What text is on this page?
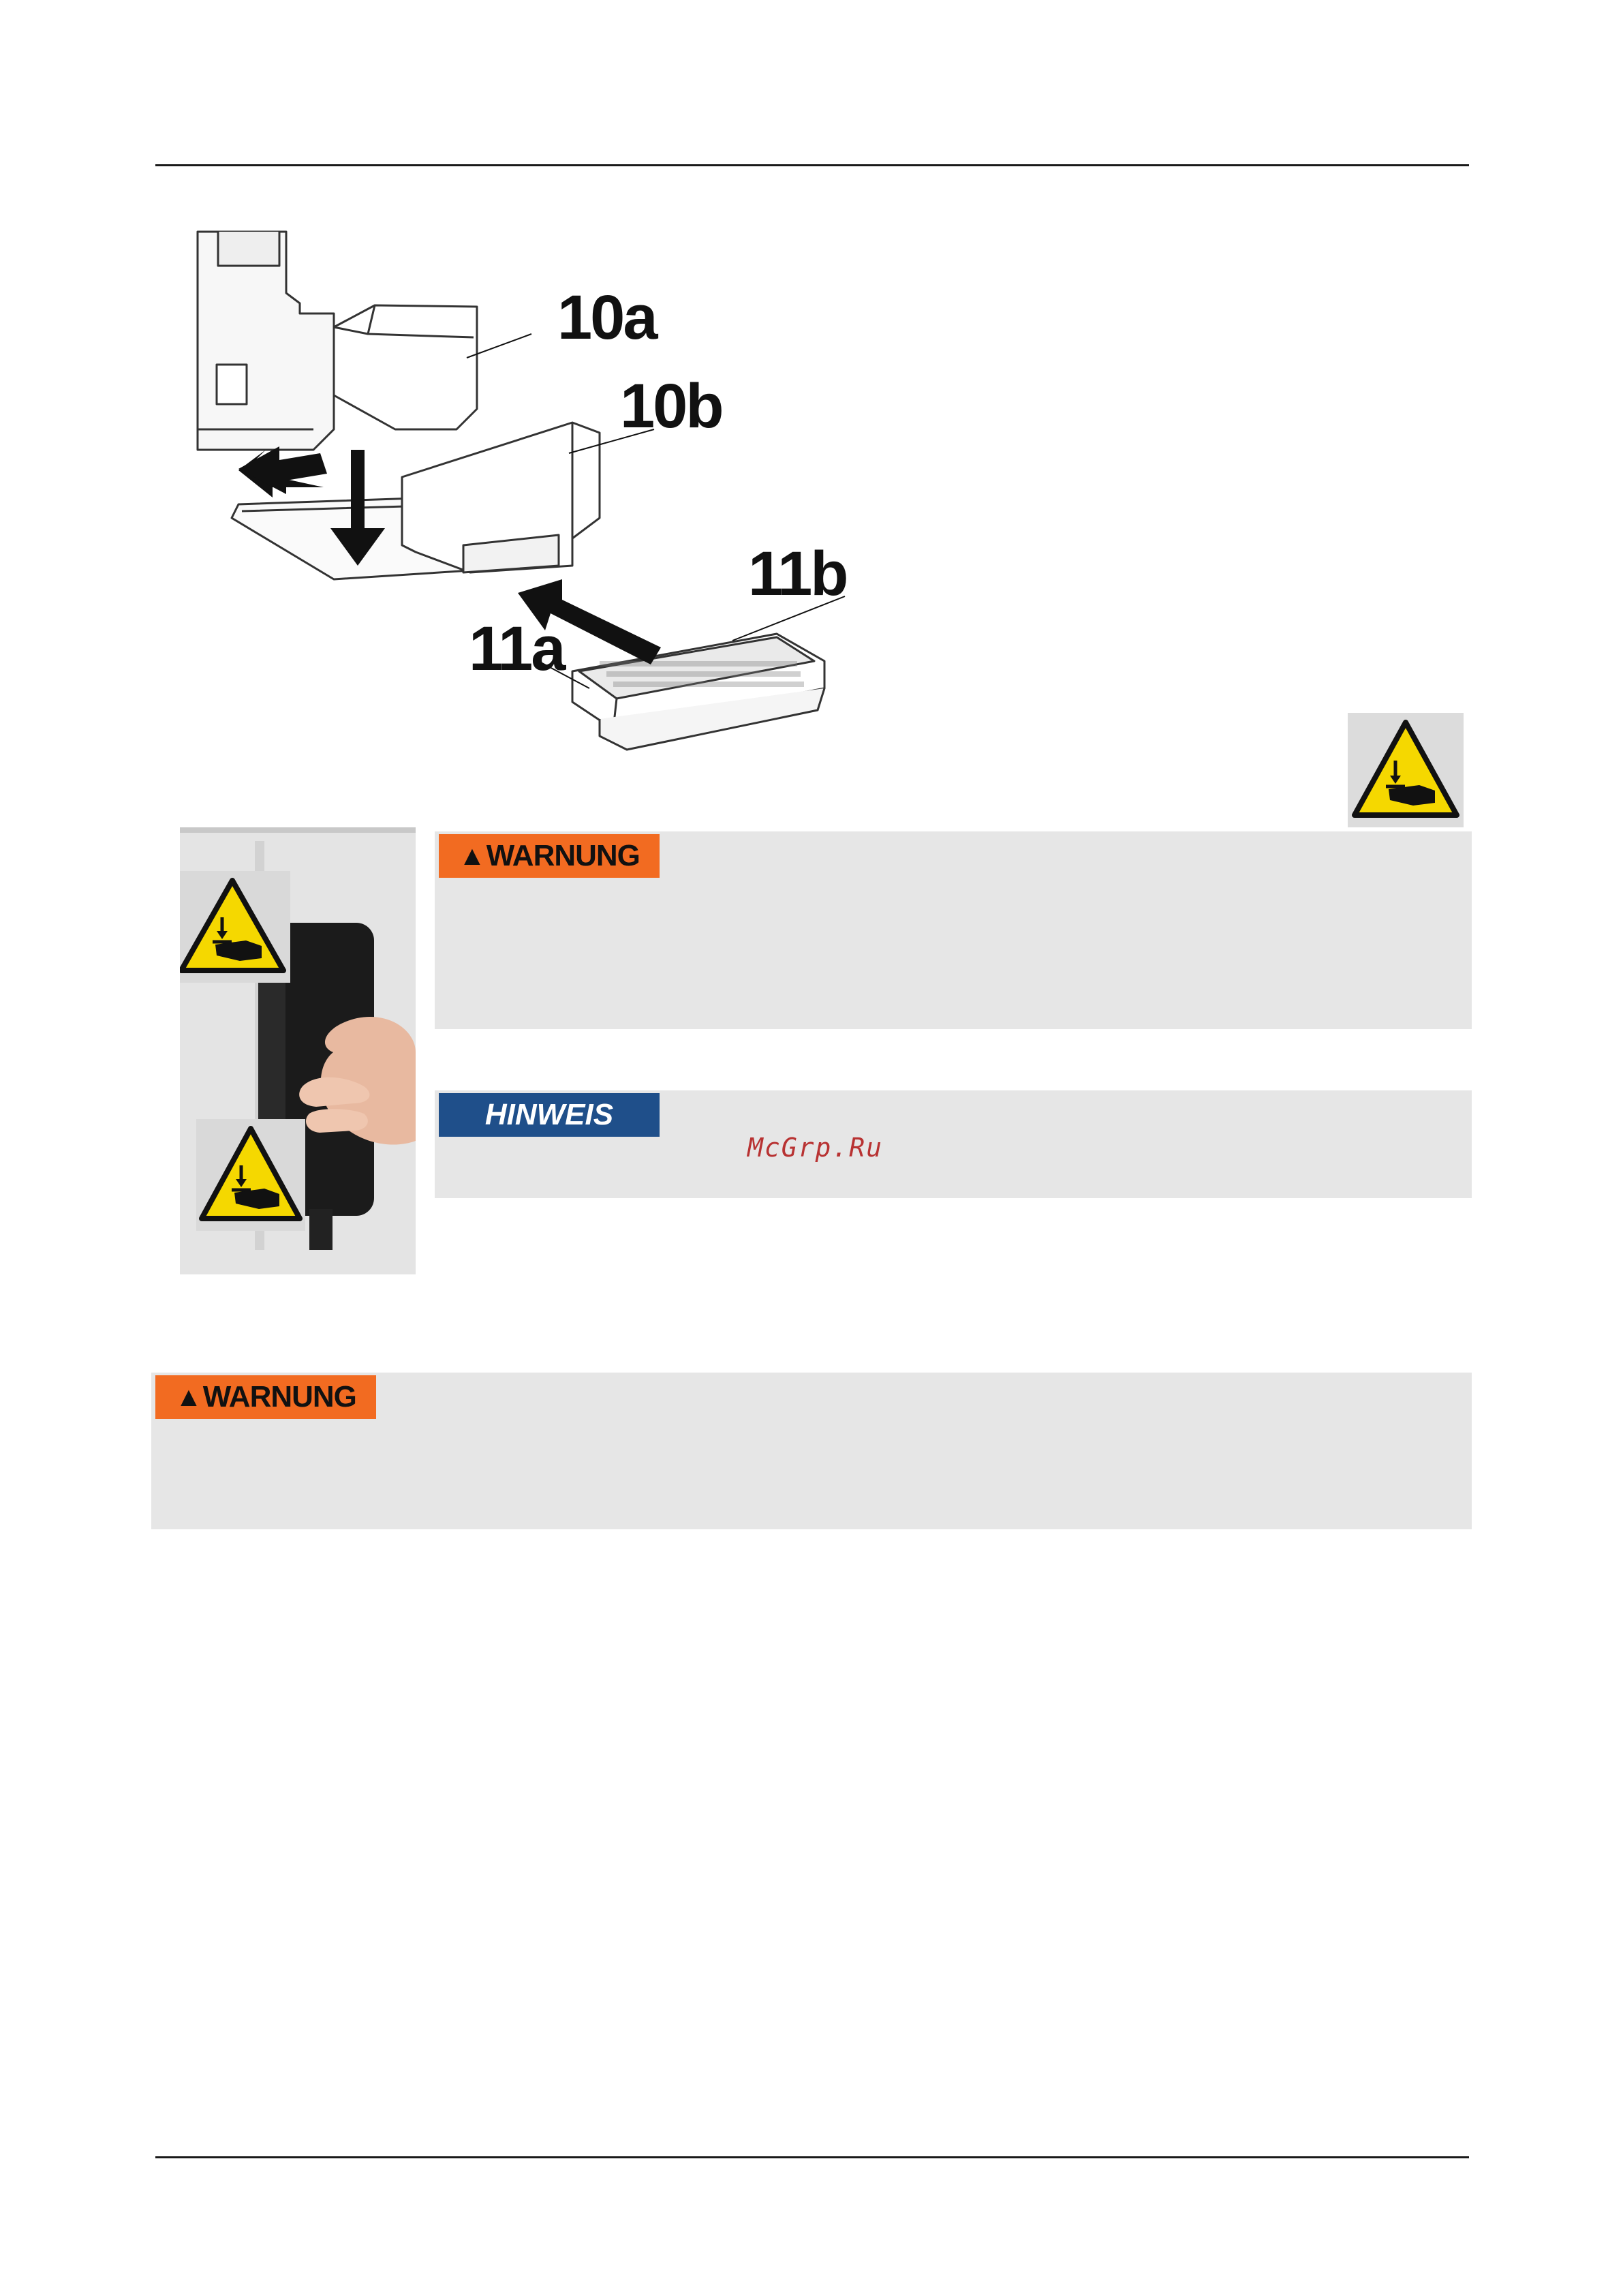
10a
10b
11a
11b
▲ WARNUNG
HINWEIS
McGrp.Ru
▲ WARNUNG
